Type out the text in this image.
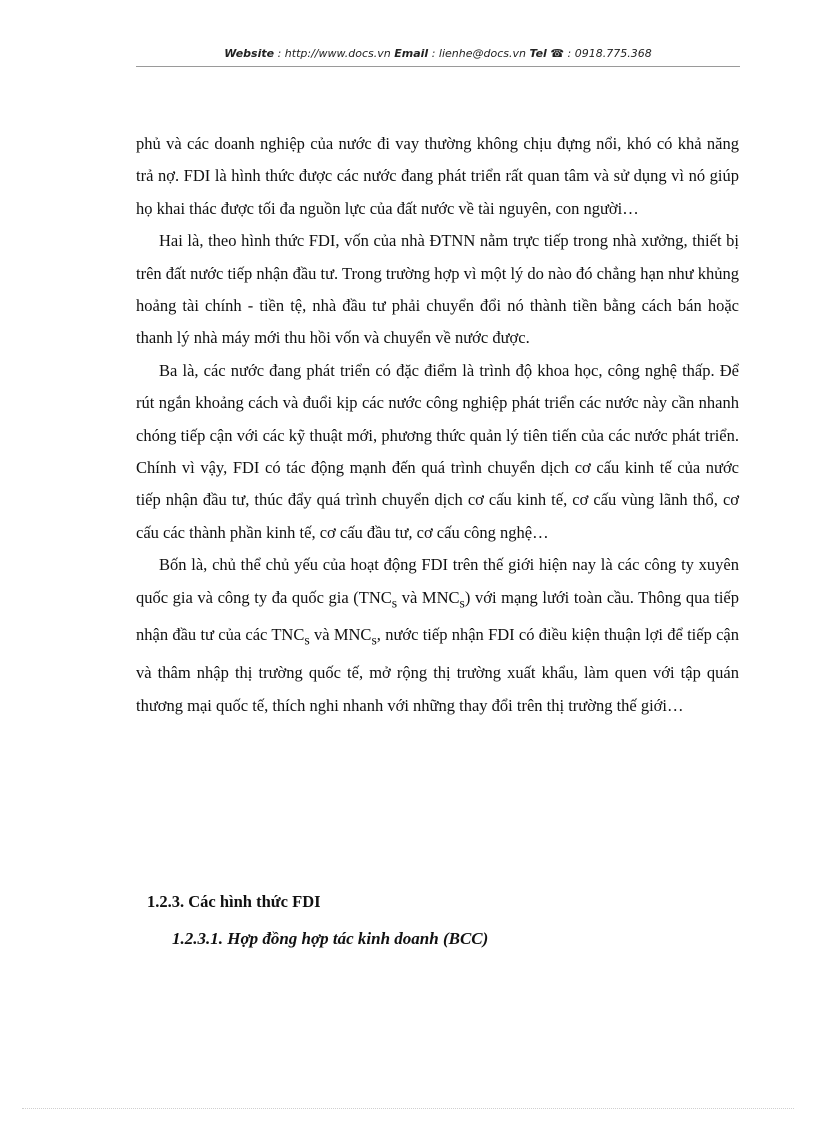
Website : http://www.docs.vn Email : lienhe@docs.vn Tel ☎ : 0918.775.368

phủ và các doanh nghiệp của nước đi vay thường không chịu đựng nổi, khó có khả năng trả nợ. FDI là hình thức được các nước đang phát triển rất quan tâm và sử dụng vì nó giúp họ khai thác được tối đa nguồn lực của đất nước về tài nguyên, con người…

Hai là, theo hình thức FDI, vốn của nhà ĐTNN nằm trực tiếp trong nhà xưởng, thiết bị trên đất nước tiếp nhận đầu tư. Trong trường hợp vì một lý do nào đó chẳng hạn như khủng hoảng tài chính - tiền tệ, nhà đầu tư phải chuyển đổi nó thành tiền bằng cách bán hoặc thanh lý nhà máy mới thu hồi vốn và chuyển về nước được.

Ba là, các nước đang phát triển có đặc điểm là trình độ khoa học, công nghệ thấp. Để rút ngắn khoảng cách và đuổi kịp các nước công nghiệp phát triển các nước này cần nhanh chóng tiếp cận với các kỹ thuật mới, phương thức quản lý tiên tiến của các nước phát triển. Chính vì vậy, FDI có tác động mạnh đến quá trình chuyển dịch cơ cấu kinh tế của nước tiếp nhận đầu tư, thúc đẩy quá trình chuyển dịch cơ cấu kinh tế, cơ cấu vùng lãnh thổ, cơ cấu các thành phần kinh tế, cơ cấu đầu tư, cơ cấu công nghệ…

Bốn là, chủ thể chủ yếu của hoạt động FDI trên thế giới hiện nay là các công ty xuyên quốc gia và công ty đa quốc gia ($TNC_s$ và $MNC_s$) với mạng lưới toàn cầu. Thông qua tiếp nhận đầu tư của các $TNC_s$ và $MNC_s$, nước tiếp nhận FDI có điều kiện thuận lợi để tiếp cận và thâm nhập thị trường quốc tế, mở rộng thị trường xuất khẩu, làm quen với tập quán thương mại quốc tế, thích nghi nhanh với những thay đổi trên thị trường thế giới…

1.2.3. Các hình thức FDI
1.2.3.1. Hợp đồng hợp tác kinh doanh (BCC)
